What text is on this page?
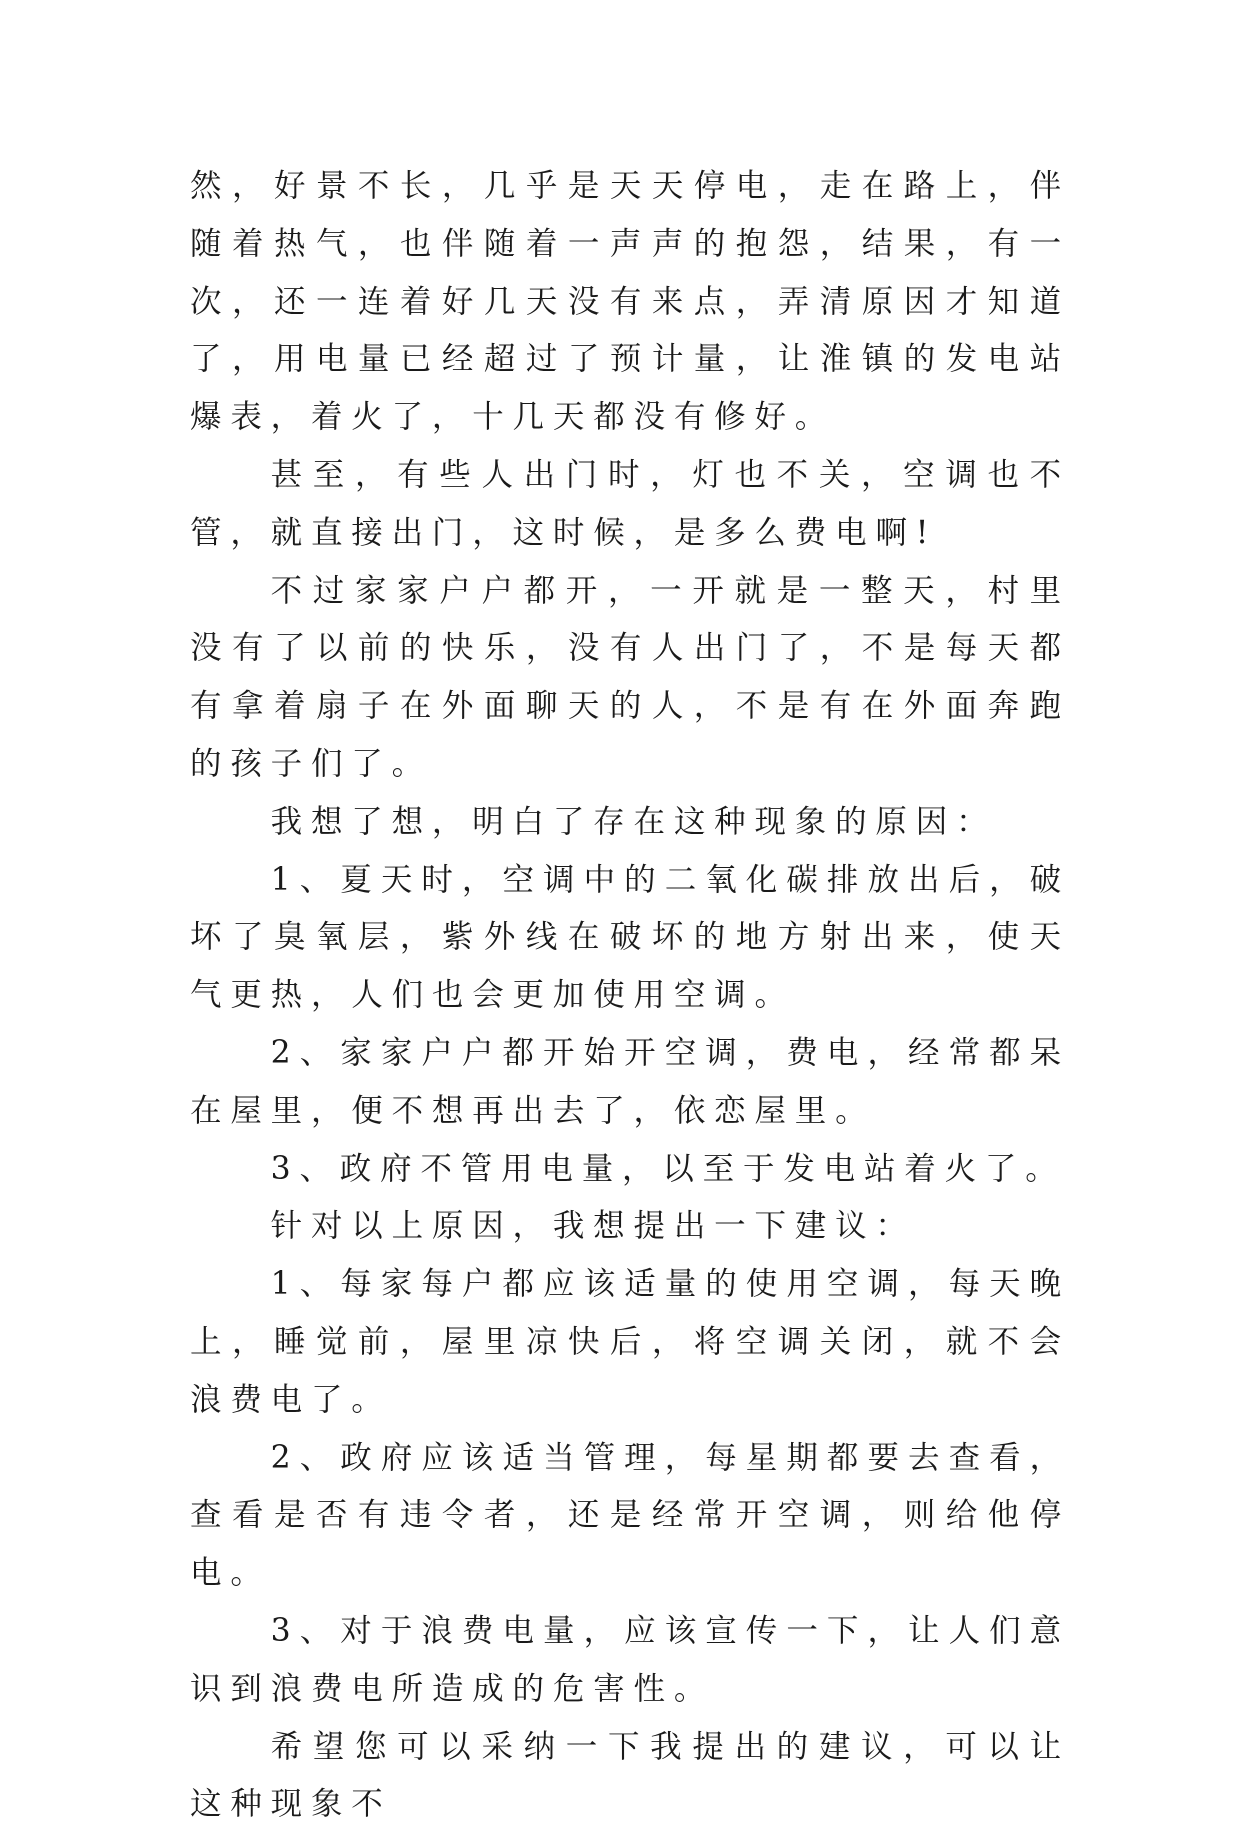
然，好景不长，几乎是天天停电，走在路上，伴随着热气，也伴随着一声声的抱怨，结果，有一次，还一连着好几天没有来点，弄清原因才知道了，用电量已经超过了预计量，让淮镇的发电站爆表，着火了，十几天都没有修好。

甚至，有些人出门时，灯也不关，空调也不管，就直接出门，这时候，是多么费电啊!

不过家家户户都开，一开就是一整天，村里没有了以前的快乐，没有人出门了，不是每天都有拿着扇子在外面聊天的人，不是有在外面奔跑的孩子们了。

我想了想，明白了存在这种现象的原因：

1、夏天时，空调中的二氧化碳排放出后，破坏了臭氧层，紫外线在破坏的地方射出来，使天气更热，人们也会更加使用空调。

2、家家户户都开始开空调，费电，经常都呆在屋里，便不想再出去了，依恋屋里。

3、政府不管用电量，以至于发电站着火了。

针对以上原因，我想提出一下建议：

1、每家每户都应该适量的使用空调，每天晚上，睡觉前，屋里凉快后，将空调关闭，就不会浪费电了。

2、政府应该适当管理，每星期都要去查看，查看是否有违令者，还是经常开空调，则给他停电。

3、对于浪费电量，应该宣传一下，让人们意识到浪费电所造成的危害性。

希望您可以采纳一下我提出的建议，可以让这种现象不
